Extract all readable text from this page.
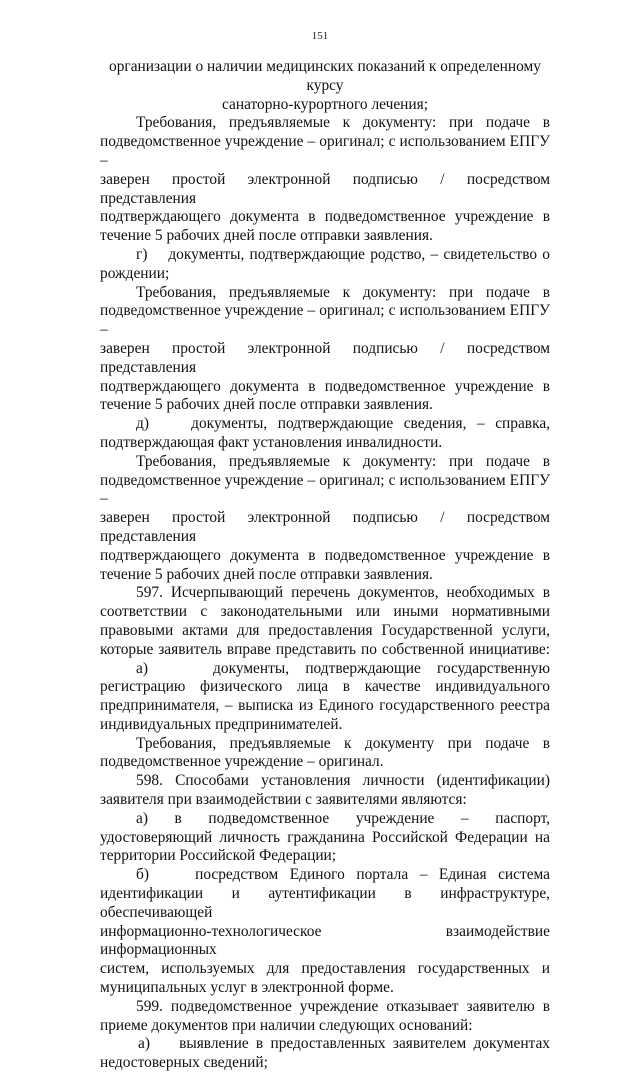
151

организации о наличии медицинских показаний к определенному курсу

санаторно-курортного лечения;

Требования, предъявляемые к документу: при подаче в

подведомственное учреждение – оригинал; с использованием ЕПГУ –

заверен простой электронной подписью / посредством представления

подтверждающего документа в подведомственное учреждение в

течение 5 рабочих дней после отправки заявления.

г)    документы, подтверждающие родство, – свидетельство о

рождении;

Требования, предъявляемые к документу: при подаче в

подведомственное учреждение – оригинал; с использованием ЕПГУ –

заверен простой электронной подписью / посредством представления

подтверждающего документа в подведомственное учреждение в

течение 5 рабочих дней после отправки заявления.

д)    документы, подтверждающие сведения, – справка,

подтверждающая факт установления инвалидности.

Требования, предъявляемые к документу: при подаче в

подведомственное учреждение – оригинал; с использованием ЕПГУ –

заверен простой электронной подписью / посредством представления

подтверждающего документа в подведомственное учреждение в

течение 5 рабочих дней после отправки заявления.

597. Исчерпывающий перечень документов, необходимых в

соответствии с законодательными или иными нормативными

правовыми актами для предоставления Государственной услуги,

которые заявитель вправе представить по собственной инициативе:

а)    документы, подтверждающие государственную

регистрацию физического лица в качестве индивидуального

предпринимателя, – выписка из Единого государственного реестра

индивидуальных предпринимателей.

Требования, предъявляемые к документу при подаче в

подведомственное учреждение – оригинал.

598. Способами установления личности (идентификации)

заявителя при взаимодействии с заявителями являются:

а)    в    подведомственное    учреждение    –    паспорт,

удостоверяющий личность гражданина Российской Федерации на

территории Российской Федерации;

б)    посредством Единого портала – Единая система

идентификации и аутентификации в инфраструктуре, обеспечивающей

информационно-технологическое взаимодействие информационных

систем, используемых для предоставления государственных и

муниципальных услуг в электронной форме.

599. подведомственное учреждение отказывает заявителю в

приеме документов при наличии следующих оснований:

а)    выявление в предоставленных заявителем документах

недостоверных сведений;
